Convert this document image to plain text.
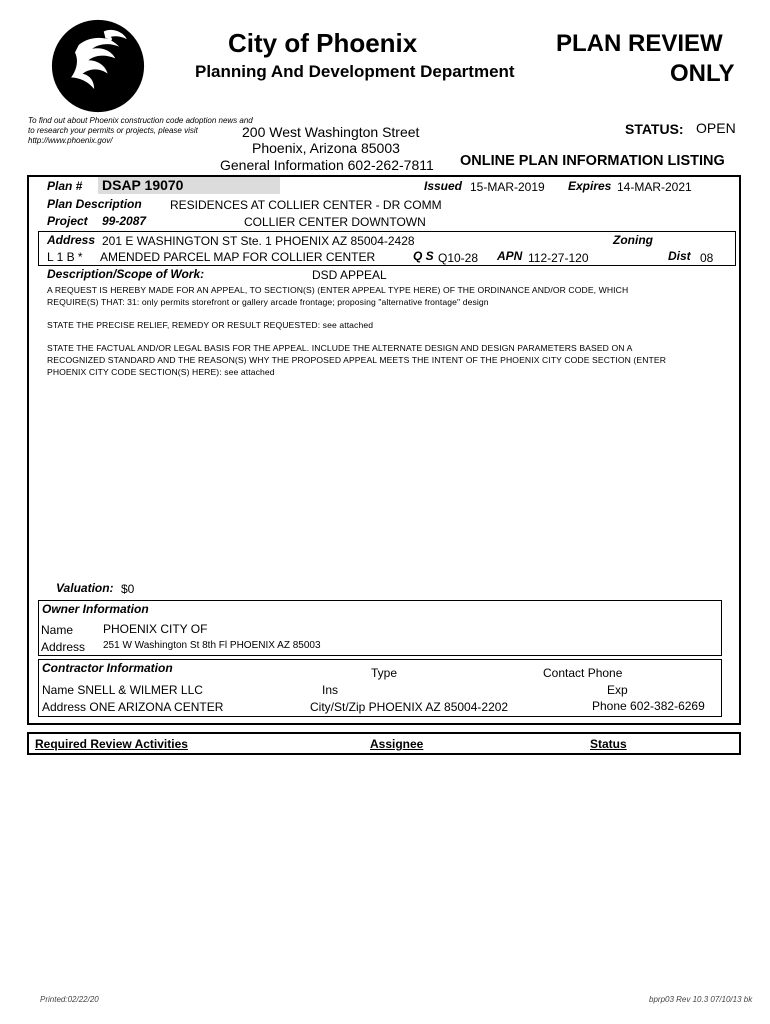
City of Phoenix
Planning And Development Department
PLAN REVIEW
ONLY
To find out about Phoenix construction code adoption news and
to research your permits or projects, please visit
http://www.phoenix.gov/
200 West Washington Street
Phoenix, Arizona 85003
General Information 602-262-7811
STATUS: OPEN
ONLINE PLAN INFORMATION LISTING
Plan # DSAP 19070	Issued 15-MAR-2019 Expires 14-MAR-2021
Plan Description RESIDENCES AT COLLIER CENTER - DR COMM
Project 99-2087	COLLIER CENTER DOWNTOWN
Address 201 E WASHINGTON ST Ste. 1 PHOENIX AZ 85004-2428	Zoning
L 1 B * AMENDED PARCEL MAP FOR COLLIER CENTER	Q S Q10-28 APN 112-27-120	Dist 08
Description/Scope of Work:	DSD APPEAL
A REQUEST IS HEREBY MADE FOR AN APPEAL, TO SECTION(S) (ENTER APPEAL TYPE HERE) OF THE ORDINANCE AND/OR CODE, WHICH
REQUIRE(S) THAT: 31: only permits storefront or gallery arcade frontage; proposing "alternative frontage" design
STATE THE PRECISE RELIEF, REMEDY OR RESULT REQUESTED: see attached
STATE THE FACTUAL AND/OR LEGAL BASIS FOR THE APPEAL. INCLUDE THE ALTERNATE DESIGN AND DESIGN PARAMETERS BASED ON A
RECOGNIZED STANDARD AND THE REASON(S) WHY THE PROPOSED APPEAL MEETS THE INTENT OF THE PHOENIX CITY CODE SECTION (ENTER
PHOENIX CITY CODE SECTION(S) HERE): see attached
Valuation: $0
Owner Information
Name PHOENIX CITY OF
Address 251 W Washington St 8th Fl PHOENIX AZ 85003
Contractor Information	Type	Contact Phone
Name SNELL & WILMER LLC	Ins	Exp
Address ONE ARIZONA CENTER	City/St/Zip PHOENIX AZ 85004-2202	Phone 602-382-6269
Required Review Activities	Assignee	Status
Printed:02/22/20	bprp03 Rev 10.3 07/10/13 bk
